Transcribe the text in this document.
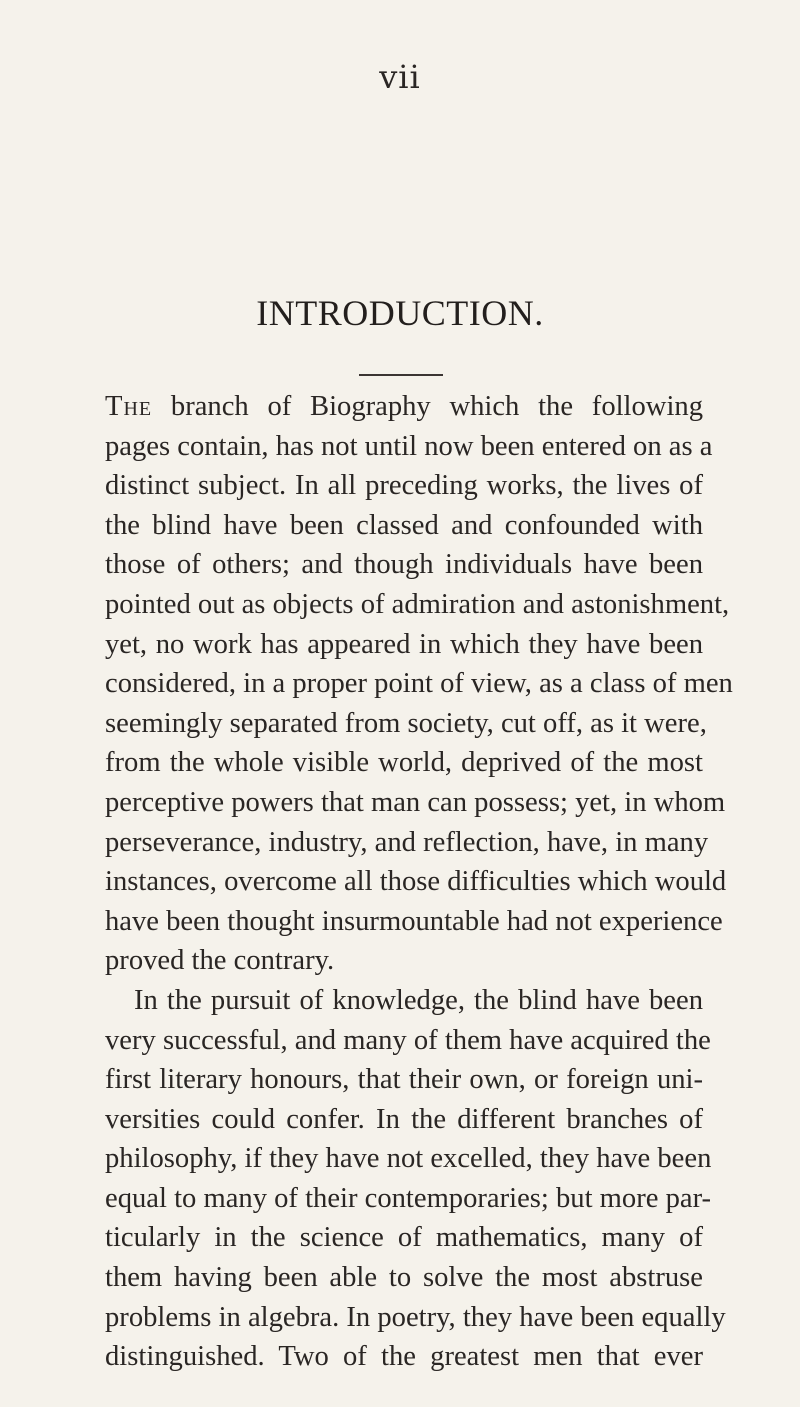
vii
INTRODUCTION.
The branch of Biography which the following
pages contain, has not until now been entered on as a
distinct subject. In all preceding works, the lives of
the blind have been classed and confounded with
those of others; and though individuals have been
pointed out as objects of admiration and astonishment,
yet, no work has appeared in which they have been
considered, in a proper point of view, as a class of men
seemingly separated from society, cut off, as it were,
from the whole visible world, deprived of the most
perceptive powers that man can possess; yet, in whom
perseverance, industry, and reflection, have, in many
instances, overcome all those difficulties which would
have been thought insurmountable had not experience
proved the contrary.
In the pursuit of knowledge, the blind have been
very successful, and many of them have acquired the
first literary honours, that their own, or foreign uni-
versities could confer. In the different branches of
philosophy, if they have not excelled, they have been
equal to many of their contemporaries; but more par-
ticularly in the science of mathematics, many of
them having been able to solve the most abstruse
problems in algebra. In poetry, they have been equally
distinguished. Two of the greatest men that ever
